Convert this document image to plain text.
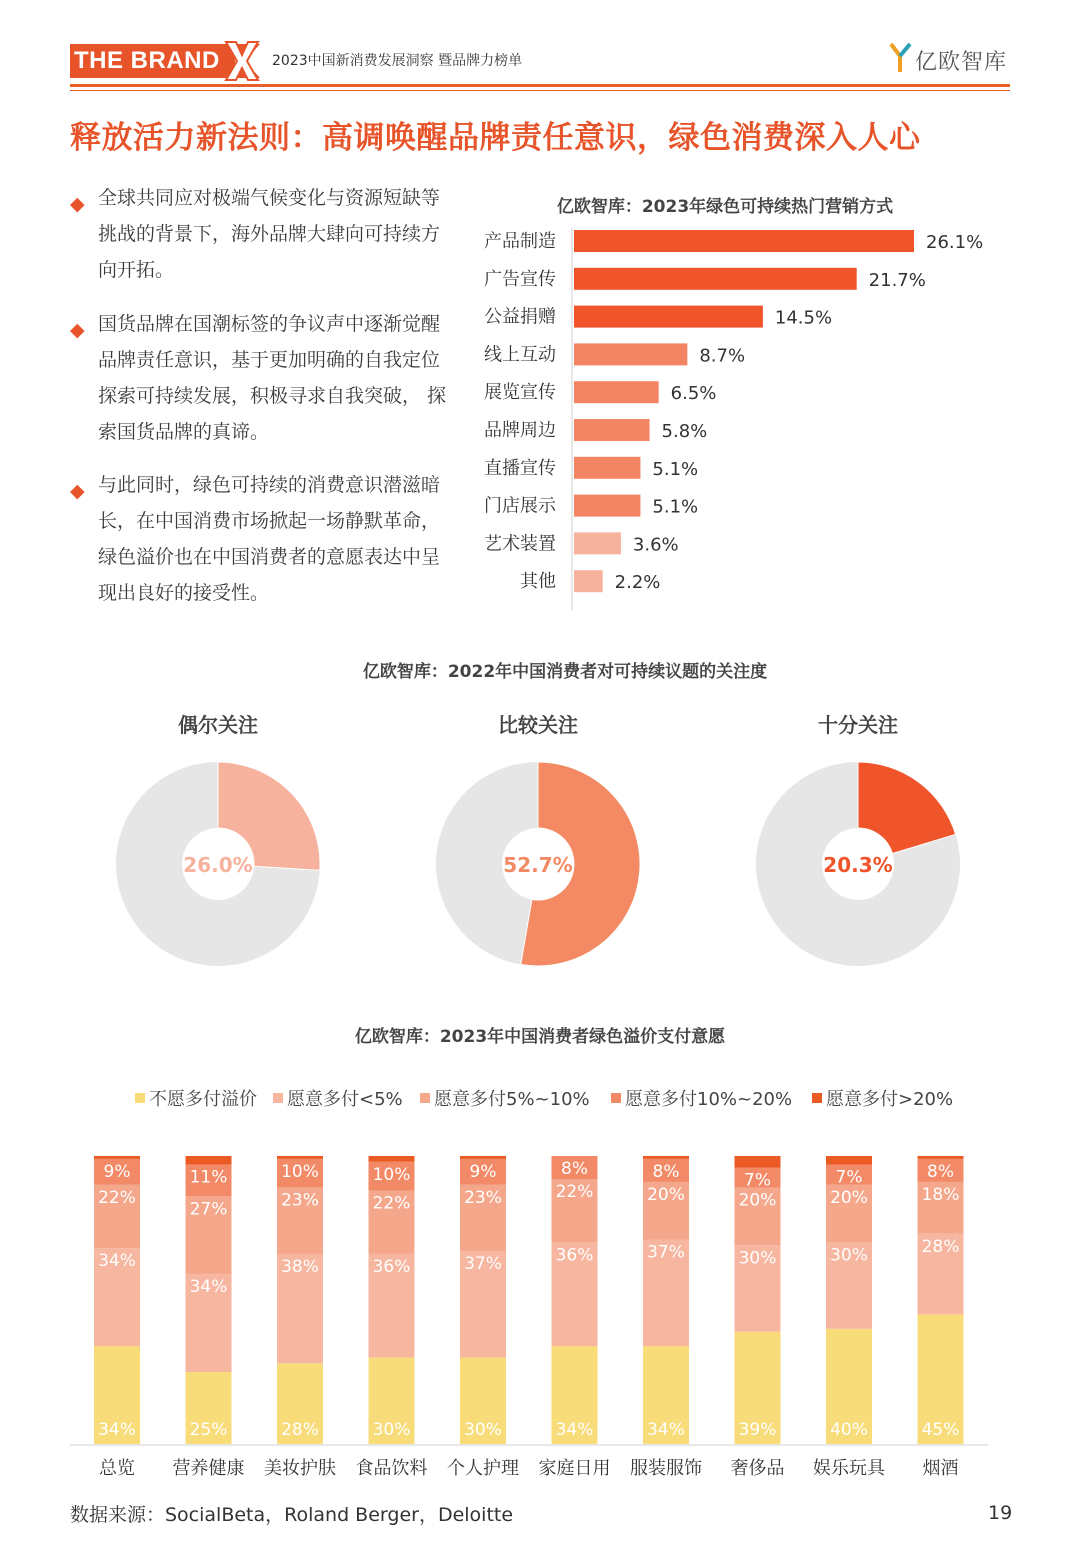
THE BRAND	2023中国新消费发展洞察 暨品牌力榜单	亿欧智库
释放活力新法则：高调唤醒品牌责任意识，绿色消费深入人心
◆ 全球共同应对极端气候变化与资源短缺等挑战的背景下，海外品牌大肆向可持续方向开拓。
◆ 国货品牌在国潮标签的争议声中逐渐觉醒品牌责任意识，基于更加明确的自我定位探索可持续发展，积极寻求自我突破， 探索国货品牌的真谛。
◆ 与此同时，绿色可持续的消费意识潜滋暗长，在中国消费市场掀起一场静默革命，绿色溢价也在中国消费者的意愿表达中呈现出良好的接受性。
亿欧智库：2023年绿色可持续热门营销方式
产品制造	26.1%
广告宣传	21.7%
公益捐赠	14.5%
线上互动	8.7%
展览宣传	6.5%
品牌周边	5.8%
直播宣传	5.1%
门店展示	5.1%
艺术装置	3.6%
其他	2.2%
亿欧智库：2022年中国消费者对可持续议题的关注度
偶尔关注
26.0%
比较关注
52.7%
十分关注
20.3%
亿欧智库：2023年中国消费者绿色溢价支付意愿
不愿多付溢价 愿意多付<5% 愿意多付5%~10% 愿意多付10%~20% 愿意多付>20%
34%
34%
22%
9%
总览
25%
34%
27%
11%
营养健康
28%
38%
23%
10%
美妆护肤
30%
36%
22%
10%
食品饮料
30%
37%
23%
9%
个人护理
34%
36%
22%
8%
家庭日用
34%
37%
20%
8%
服装服饰
39%
30%
20%
7%
奢侈品
40%
30%
20%
7%
娱乐玩具
45%
28%
18%
8%
烟酒
数据来源：SocialBeta，Roland Berger，Deloitte	19
